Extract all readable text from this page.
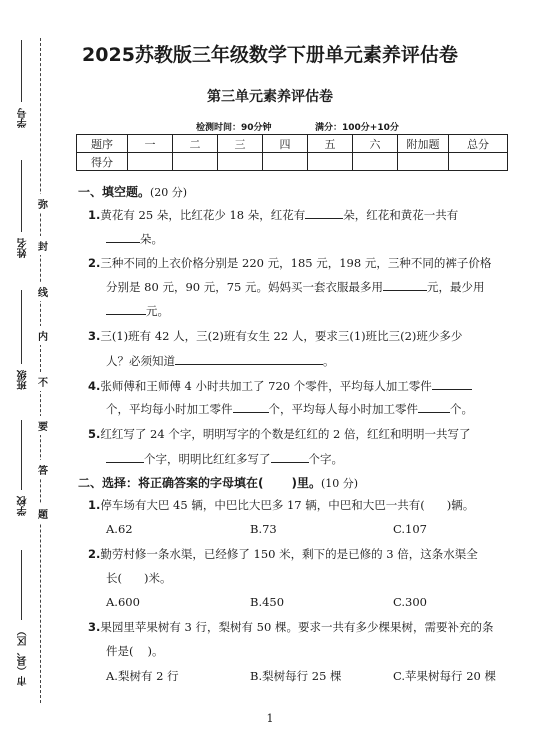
学号
姓名
班级
学校
市（县、区）
弥
封
线
内
不
要
答
题
2025苏教版三年级数学下册单元素养评估卷
第三单元素养评估卷
检测时间：90分钟	满分：100分+10分
题序	一	二	三	四	五	六	附加题	总分
得分								
一、填空题。(20 分)
1.黄花有 25 朵，比红花少 18 朵，红花有	朵，红花和黄花一共有
朵。
2.三种不同的上衣价格分别是 220 元，185 元，198 元，三种不同的裤子价格
分别是 80 元，90 元，75 元。妈妈买一套衣服最多用	元，最少用
元。
3.三(1)班有 42 人，三(2)班有女生 22 人，要求三(1)班比三(2)班少多少
人？必须知道	。
4.张师傅和王师傅 4 小时共加工了 720 个零件，平均每人加工零件
个，平均每小时加工零件	个，平均每人每小时加工零件	个。
5.红红写了 24 个字，明明写字的个数是红红的 2 倍，红红和明明一共写了
个字，明明比红红多写了	个字。
二、选择：将正确答案的字母填在( )里。(10 分)
1.停车场有大巴 45 辆，中巴比大巴多 17 辆，中巴和大巴一共有( )辆。
A.62	B.73	C.107
2.勤劳村修一条水渠，已经修了 150 米，剩下的是已修的 3 倍，这条水渠全
长( )米。
A.600	B.450	C.300
3.果园里苹果树有 3 行，梨树有 50 棵。要求一共有多少棵果树，需要补充的条
件是( )。
A.梨树有 2 行	B.梨树每行 25 棵	C.苹果树每行 20 棵
1
